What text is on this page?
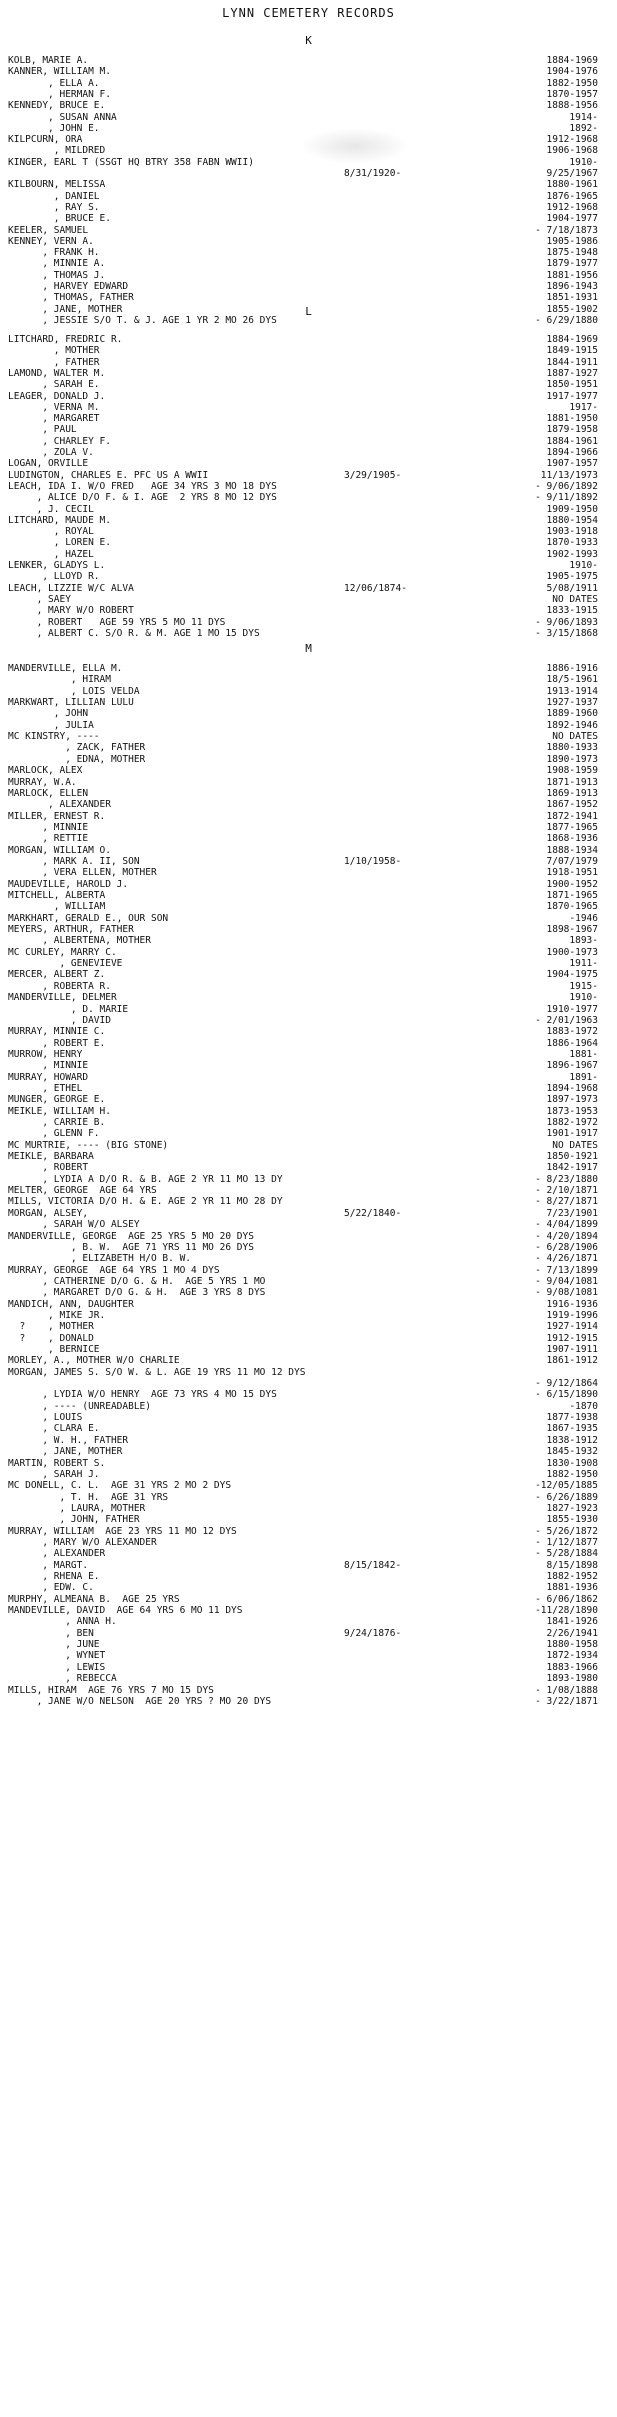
LYNN CEMETERY RECORDS
K
KOLB, MARIE A.	1884-1969
KANNER, WILLIAM M.	1904-1976
, ELLA A.	1882-1950
, HERMAN F.	1870-1957
KENNEDY, BRUCE E.	1888-1956
, SUSAN ANNA	1914-
, JOHN E.	1892-
KILPCURN, ORA	1912-1968
, MILDRED	1906-1968
KINGER, EARL T (SSGT HQ BTRY 358 FABN WWII)	1910-
8/31/1920-	9/25/1967
KILBOURN, MELISSA	1880-1961
, DANIEL	1876-1965
, RAY S.	1912-1968
, BRUCE E.	1904-1977
KEELER, SAMUEL	- 7/18/1873
KENNEY, VERN A.	1905-1986
, FRANK H.	1875-1948
, MINNIE A.	1879-1977
, THOMAS J.	1881-1956
, HARVEY EDWARD	1896-1943
, THOMAS, FATHER	1851-1931
, JANE, MOTHER	1855-1902
, JESSIE S/O T. & J. AGE 1 YR 2 MO 26 DYS	- 6/29/1880
L
LITCHARD, FREDRIC R.	1884-1969
, MOTHER	1849-1915
, FATHER	1844-1911
LAMOND, WALTER M.	1887-1927
, SARAH E.	1850-1951
LEAGER, DONALD J.	1917-1977
, VERNA M.	1917-
, MARGARET	1881-1950
, PAUL	1879-1958
, CHARLEY F.	1884-1961
, ZOLA V.	1894-1966
LOGAN, ORVILLE	1907-1957
LUDINGTON, CHARLES E. PFC US A WWII	3/29/1905-	11/13/1973
LEACH, IDA I. W/O FRED   AGE 34 YRS 3 MO 18 DYS	- 9/06/1892
, ALICE D/O F. & I. AGE  2 YRS 8 MO 12 DYS	- 9/11/1892
, J. CECIL	1909-1950
LITCHARD, MAUDE M.	1880-1954
, ROYAL	1903-1918
, LOREN E.	1870-1933
, HAZEL	1902-1993
LENKER, GLADYS L.	1910-
, LLOYD R.	1905-1975
LEACH, LIZZIE W/C ALVA	12/06/1874-	5/08/1911
, SAEY	NO DATES
, MARY W/O ROBERT	1833-1915
, ROBERT   AGE 59 YRS 5 MO 11 DYS	- 9/06/1893
, ALBERT C. S/O R. & M. AGE 1 MO 15 DYS	- 3/15/1868
M
MANDERVILLE, ELLA M.	1886-1916
, HIRAM	18/5-1961
, LOIS VELDA	1913-1914
MARKWART, LILLIAN LULU	1927-1937
, JOHN	1889-1960
, JULIA	1892-1946
MC KINSTRY, ----	NO DATES
, ZACK, FATHER	1880-1933
, EDNA, MOTHER	1890-1973
MARLOCK, ALEX	1908-1959
MURRAY, W.A.	1871-1913
MARLOCK, ELLEN	1869-1913
, ALEXANDER	1867-1952
MILLER, ERNEST R.	1872-1941
, MINNIE	1877-1965
, RETTIE	1868-1936
MORGAN, WILLIAM O.	1888-1934
, MARK A. II, SON	1/10/1958-	7/07/1979
, VERA ELLEN, MOTHER	1918-1951
MAUDEVILLE, HAROLD J.	1900-1952
MITCHELL, ALBERTA	1871-1965
, WILLIAM	1870-1965
MARKHART, GERALD E., OUR SON	-1946
MEYERS, ARTHUR, FATHER	1898-1967
, ALBERTENA, MOTHER	1893-
MC CURLEY, MARRY C.	1900-1973
, GENEVIEVE	1911-
MERCER, ALBERT Z.	1904-1975
, ROBERTA R.	1915-
MANDERVILLE, DELMER	1910-
, D. MARIE	1910-1977
, DAVID	- 2/01/1963
MURRAY, MINNIE C.	1883-1972
, ROBERT E.	1886-1964
MURROW, HENRY	1881-
, MINNIE	1896-1967
MURRAY, HOWARD	1891-
, ETHEL	1894-1968
MUNGER, GEORGE E.	1897-1973
MEIKLE, WILLIAM H.	1873-1953
, CARRIE B.	1882-1972
, GLENN F.	1901-1917
MC MURTRIE, ---- (BIG STONE)	NO DATES
MEIKLE, BARBARA	1850-1921
, ROBERT	1842-1917
, LYDIA A D/O R. & B. AGE 2 YR 11 MO 13 DY	- 8/23/1880
MELTER, GEORGE  AGE 64 YRS	- 2/10/1871
MILLS, VICTORIA D/O H. & E. AGE 2 YR 11 MO 28 DY	- 8/27/1871
MORGAN, ALSEY,	5/22/1840-	7/23/1901
, SARAH W/O ALSEY	- 4/04/1899
MANDERVILLE, GEORGE  AGE 25 YRS 5 MO 20 DYS	- 4/20/1894
, B. W.  AGE 71 YRS 11 MO 26 DYS	- 6/28/1906
, ELIZABETH H/O B. W.	- 4/26/1871
MURRAY, GEORGE  AGE 64 YRS 1 MO 4 DYS	- 7/13/1899
, CATHERINE D/O G. & H.  AGE 5 YRS 1 MO	- 9/04/1081
, MARGARET D/O G. & H.  AGE 3 YRS 8 DYS	- 9/08/1081
MANDICH, ANN, DAUGHTER	1916-1936
, MIKE JR.	1919-1996
?    , MOTHER	1927-1914
?    , DONALD	1912-1915
, BERNICE	1907-1911
MORLEY, A., MOTHER W/O CHARLIE	1861-1912
MORGAN, JAMES S. S/O W. & L. AGE 19 YRS 11 MO 12 DYS
- 9/12/1864
, LYDIA W/O HENRY  AGE 73 YRS 4 MO 15 DYS	- 6/15/1890
, ---- (UNREADABLE)	-1870
, LOUIS	1877-1938
, CLARA E.	1867-1935
, W. H., FATHER	1838-1912
, JANE, MOTHER	1845-1932
MARTIN, ROBERT S.	1830-1908
, SARAH J.	1882-1950
MC DONELL, C. L.  AGE 31 YRS 2 MO 2 DYS	-12/05/1885
, T. H.  AGE 31 YRS	- 6/26/1889
, LAURA, MOTHER	1827-1923
, JOHN, FATHER	1855-1930
MURRAY, WILLIAM  AGE 23 YRS 11 MO 12 DYS	- 5/26/1872
, MARY W/O ALEXANDER	- 1/12/1877
, ALEXANDER	- 5/28/1884
, MARGT.	8/15/1842-	8/15/1898
, RHENA E.	1882-1952
, EDW. C.	1881-1936
MURPHY, ALMEANA B.  AGE 25 YRS	- 6/06/1862
MANDEVILLE, DAVID  AGE 64 YRS 6 MO 11 DYS	-11/28/1890
, ANNA H.	1841-1926
, BEN	9/24/1876-	2/26/1941
, JUNE	1880-1958
, WYNET	1872-1934
, LEWIS	1883-1966
, REBECCA	1893-1980
MILLS, HIRAM  AGE 76 YRS 7 MO 15 DYS	- 1/08/1888
, JANE W/O NELSON  AGE 20 YRS ? MO 20 DYS	- 3/22/1871
